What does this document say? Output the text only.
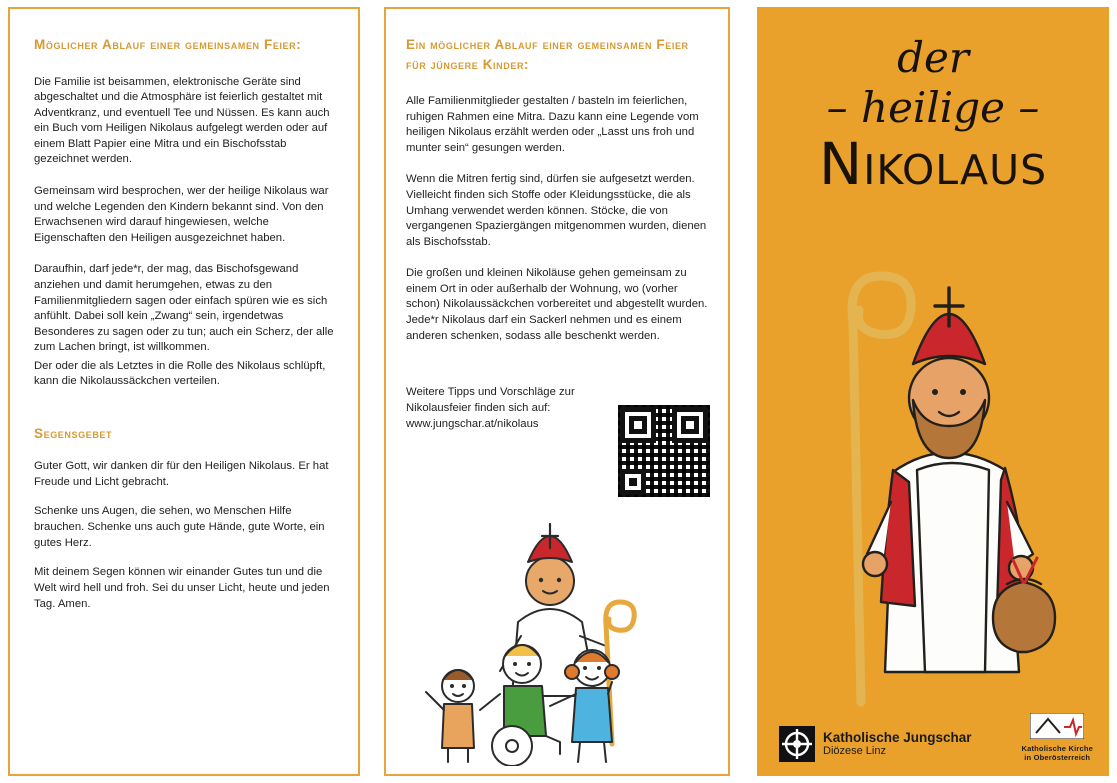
Möglicher Ablauf einer gemeinsamen Feier:

Die Familie ist beisammen, elektronische Geräte sind abgeschaltet und die Atmosphäre ist feierlich gestaltet mit Adventkranz, und eventuell Tee und Nüssen. Es kann auch ein Buch vom Heiligen Nikolaus aufgelegt werden oder auf einem Blatt Papier eine Mitra und ein Bischofsstab gezeichnet werden.

Gemeinsam wird besprochen, wer der heilige Nikolaus war und welche Legenden den Kindern bekannt sind. Von den Erwachsenen wird darauf hingewiesen, welche Eigenschaften den Heiligen ausgezeichnet haben.

Daraufhin, darf jede*r, der mag, das Bischofsgewand anziehen und damit herumgehen, etwas zu den Familienmitgliedern sagen oder einfach spüren wie es sich anfühlt. Dabei soll kein „Zwang“ sein, irgendetwas Besonderes zu sagen oder zu tun; auch ein Scherz, der alle zum Lachen bringt, ist willkommen.

Der oder die als Letztes in die Rolle des Nikolaus schlüpft, kann die Nikolaussäckchen verteilen.

Segensgebet

Guter Gott, wir danken dir für den Heiligen Nikolaus. Er hat Freude und Licht gebracht.

Schenke uns Augen, die sehen, wo Menschen Hilfe brauchen. Schenke uns auch gute Hände, gute Worte, ein gutes Herz.

Mit deinem Segen können wir einander Gutes tun und die Welt wird hell und froh. Sei du unser Licht, heute und jeden Tag. Amen.

Ein möglicher Ablauf einer gemeinsamen Feier für jüngere Kinder:

Alle Familienmitglieder gestalten / basteln im feierlichen, ruhigen Rahmen eine Mitra. Dazu kann eine Legende vom heiligen Nikolaus erzählt werden oder „Lasst uns froh und munter sein“ gesungen werden.

Wenn die Mitren fertig sind, dürfen sie aufgesetzt werden. Vielleicht finden sich Stoffe oder Kleidungsstücke, die als Umhang verwendet werden können. Stöcke, die von vergangenen Spaziergängen mitgenommen wurden, dienen als Bischofsstab.

Die großen und kleinen Nikoläuse gehen gemeinsam zu einem Ort in oder außerhalb der Wohnung, wo (vorher schon) Nikolaussäckchen vorbereitet und abgestellt wurden. Jede*r Nikolaus darf ein Sackerl nehmen und es einem anderen schenken, sodass alle beschenkt werden.

Weitere Tipps und Vorschläge zur Nikolausfeier finden sich auf:
www.jungschar.at/nikolaus
der
– heilige –
Nikolaus
Katholische Jungschar
Diözese Linz	Katholische Kirche
in Oberösterreich
